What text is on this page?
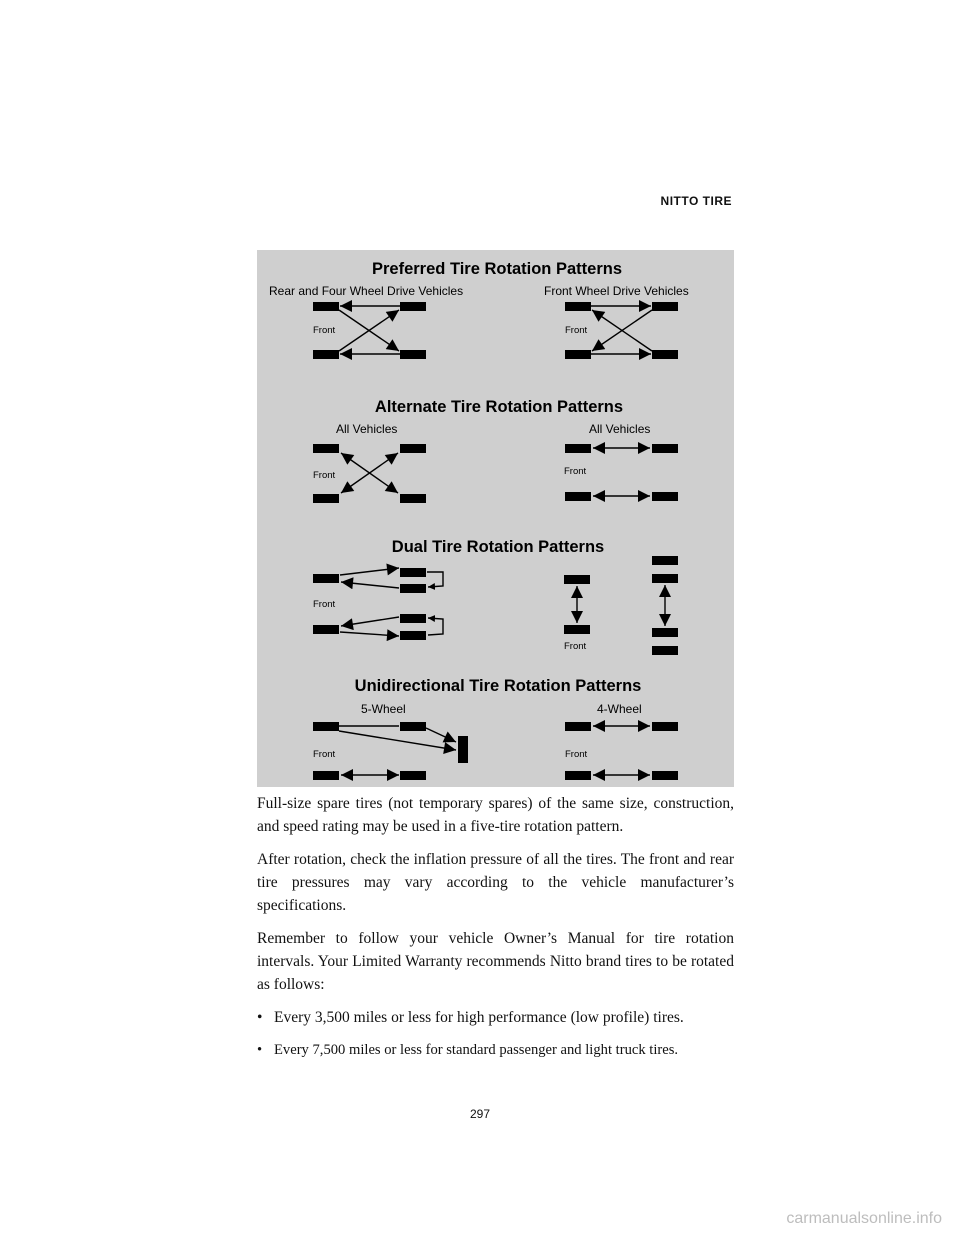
NITTO TIRE
Preferred Tire Rotation Patterns
Rear and Four Wheel Drive Vehicles	Front Wheel Drive Vehicles
Front	Front
Alternate Tire Rotation Patterns
All Vehicles	All Vehicles
Front	Front
Dual Tire Rotation Patterns
Front
Front
Unidirectional Tire Rotation Patterns
5-Wheel	4-Wheel
Front	Front

Full-size spare tires (not temporary spares) of the same size, construction, and speed rating may be used in a five-tire rotation pattern.

After rotation, check the inflation pressure of all the tires. The front and rear tire pressures may vary according to the vehicle manufacturer’s specifications.

Remember to follow your vehicle Owner’s Manual for tire rotation intervals. Your Limited Warranty recommends Nitto brand tires to be rotated as follows:

• Every 3,500 miles or less for high performance (low profile) tires.
• Every 7,500 miles or less for standard passenger and light truck tires.
297
carmanualsonline.info
